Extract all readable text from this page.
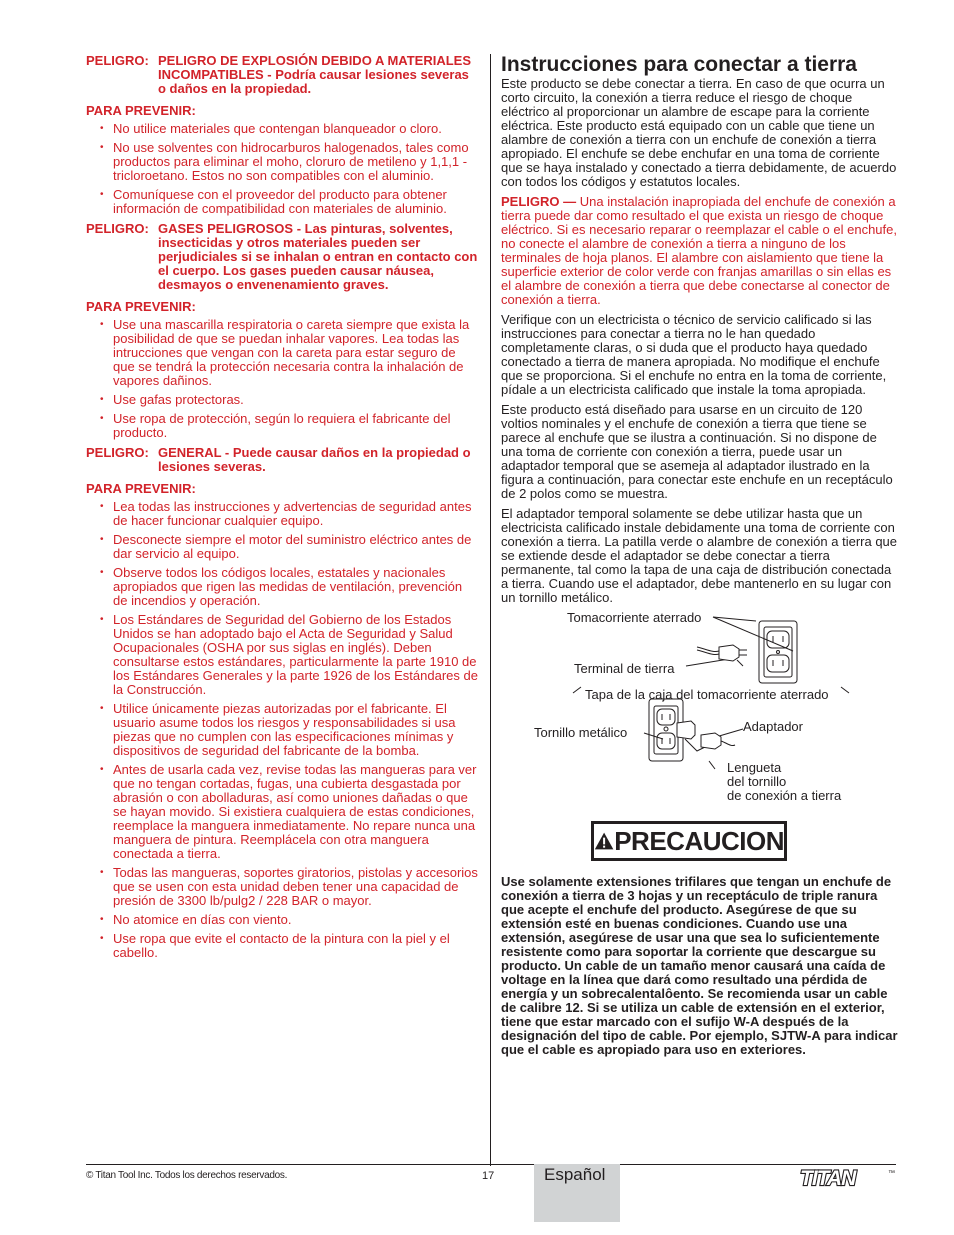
PELIGRO: PELIGRO DE EXPLOSIÓN DEBIDO A MATERIALES INCOMPATIBLES - Podría causar lesiones severas o daños en la propiedad.
PARA PREVENIR:
• No utilice materiales que contengan blanqueador o cloro.
• No use solventes con hidrocarburos halogenados, tales como productos para eliminar el moho, cloruro de metileno y 1,1,1 - tricloroetano. Estos no son compatibles con el aluminio.
• Comuníquese con el proveedor del producto para obtener información de compatibilidad con materiales de aluminio.
PELIGRO: GASES PELIGROSOS - Las pinturas, solventes, insecticidas y otros materiales pueden ser perjudiciales si se inhalan o entran en contacto con el cuerpo. Los gases pueden causar náusea, desmayos o envenenamiento graves.
PARA PREVENIR:
• Use una mascarilla respiratoria o careta siempre que exista la posibilidad de que se puedan inhalar vapores. Lea todas las intrucciones que vengan con la careta para estar seguro de que se tendrá la protección necesaria contra la inhalación de vapores dañinos.
• Use gafas protectoras.
• Use ropa de protección, según lo requiera el fabricante del producto.
PELIGRO: GENERAL - Puede causar daños en la propiedad o lesiones severas.
PARA PREVENIR:
• Lea todas las instrucciones y advertencias de seguridad antes de hacer funcionar cualquier equipo.
• Desconecte siempre el motor del suministro eléctrico antes de dar servicio al equipo.
• Observe todos los códigos locales, estatales y nacionales apropiados que rigen las medidas de ventilación, prevención de incendios y operación.
• Los Estándares de Seguridad del Gobierno de los Estados Unidos se han adoptado bajo el Acta de Seguridad y Salud Ocupacionales (OSHA por sus siglas en inglés). Deben consultarse estos estándares, particularmente la parte 1910 de los Estándares Generales y la parte 1926 de los Estándares de la Construcción.
• Utilice únicamente piezas autorizadas por el fabricante. El usuario asume todos los riesgos y responsabilidades si usa piezas que no cumplen con las especificaciones mínimas y dispositivos de seguridad del fabricante de la bomba.
• Antes de usarla cada vez, revise todas las mangueras para ver que no tengan cortadas, fugas, una cubierta desgastada por abrasión o con abolladuras, así como uniones dañadas o que se hayan movido. Si existiera cualquiera de estas condiciones, reemplace la manguera inmediatamente. No repare nunca una manguera de pintura. Reemplácela con otra manguera conectada a tierra.
• Todas las mangueras, soportes giratorios, pistolas y accesorios que se usen con esta unidad deben tener una capacidad de presión de 3300 lb/pulg2 / 228 BAR o mayor.
• No atomice en días con viento.
• Use ropa que evite el contacto de la pintura con la piel y el cabello.
Instrucciones para conectar a tierra

Este producto se debe conectar a tierra. En caso de que ocurra un corto circuito, la conexión a tierra reduce el riesgo de choque eléctrico al proporcionar un alambre de escape para la corriente eléctrica. Este producto está equipado con un cable que tiene un alambre de conexión a tierra con un enchufe de conexión a tierra apropiado. El enchufe se debe enchufar en una toma de corriente que se haya instalado y conectado a tierra debidamente, de acuerdo con todos los códigos y estatutos locales.

PELIGRO — Una instalación inapropiada del enchufe de conexión a tierra puede dar como resultado el que exista un riesgo de choque eléctrico. Si es necesario reparar o reemplazar el cable o el enchufe, no conecte el alambre de conexión a tierra a ninguno de los terminales de hoja planos. El alambre con aislamiento que tiene la superficie exterior de color verde con franjas amarillas o sin ellas es el alambre de conexión a tierra que debe conectarse al conector de conexión a tierra.

Verifique con un electricista o técnico de servicio calificado si las instrucciones para conectar a tierra no le han quedado completamente claras, o si duda que el producto haya quedado conectado a tierra de manera apropiada. No modifique el enchufe que se proporciona. Si el enchufe no entra en la toma de corriente, pídale a un electricista calificado que instale la toma apropiada.

Este producto está diseñado para usarse en un circuito de 120 voltios nominales y el enchufe de conexión a tierra que tiene se parece al enchufe que se ilustra a continuación. Si no dispone de una toma de corriente con conexión a tierra, puede usar un adaptador temporal que se asemeja al adaptador ilustrado en la figura a continuación, para conectar este enchufe en un receptáculo de 2 polos como se muestra.

El adaptador temporal solamente se debe utilizar hasta que un electricista calificado instale debidamente una toma de corriente con conexión a tierra. La patilla verde o alambre de conexión a tierra que se extiende desde el adaptador se debe conectar a tierra permanente, tal como la tapa de una caja de distribución conectada a tierra. Cuando use el adaptador, debe mantenerlo en su lugar con un tornillo metálico.

Tomacorriente aterrado
Terminal de tierra
Tapa de la caja del tomacorriente aterrado
Adaptador
Tornillo metálico
Lengueta
del tornillo
de conexión a tierra
PRECAUCION
Use solamente extensiones trifilares que tengan un enchufe de conexión a tierra de 3 hojas y un receptáculo de triple ranura que acepte el enchufe del producto. Asegúrese de que su extensión esté en buenas condiciones. Cuando use una extensión, asegúrese de usar una que sea lo suficientemente resistente como para soportar la corriente que descargue su producto. Un cable de un tamaño menor causará una caída de voltage en la línea que dará como resultado una pérdida de energía y un sobrecalentalôento. Se recomienda usar un cable de calibre 12. Si se utiliza un cable de extensión en el exterior, tiene que estar marcado con el sufijo W-A después de la designación del tipo de cable. Por ejemplo, SJTW-A para indicar que el cable es apropiado para uso en exteriores.
© Titan Tool Inc. Todos los derechos reservados.	17	Español	TITAN	™
